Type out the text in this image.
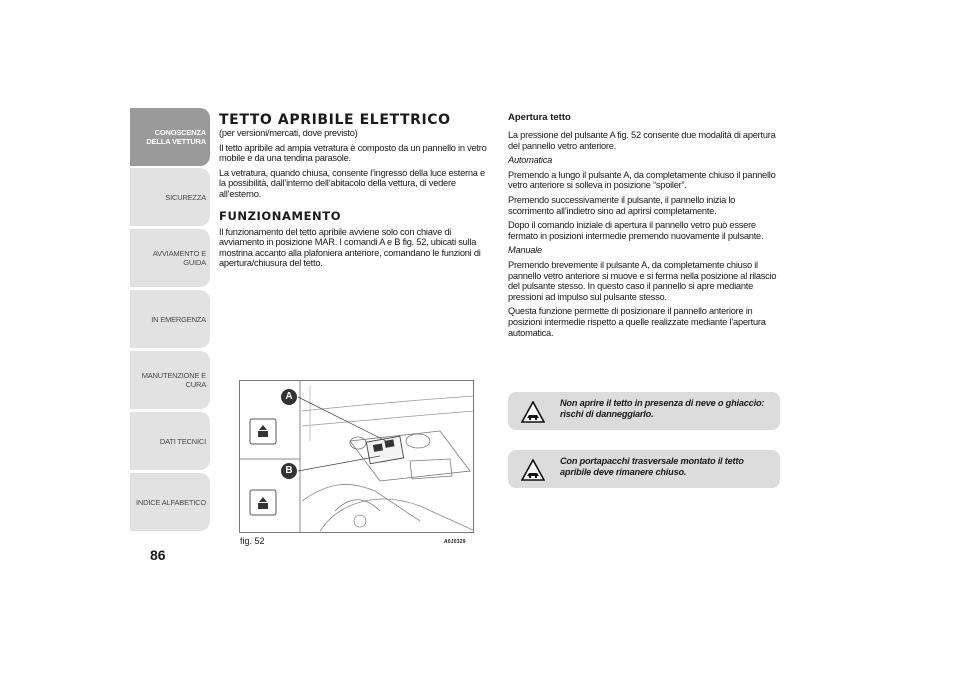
CONOSCENZA
DELLA VETTURA
SICUREZZA
AVVIAMENTO E
GUIDA
IN EMERGENZA
MANUTENZIONE E
CURA
DATI TECNICI
INDICE ALFABETICO
86
TETTO APRIBILE ELETTRICO

(per versioni/mercati, dove previsto)

Il tetto apribile ad ampia vetratura è composto da un pannello in vetro mobile e da una tendina parasole.

La vetratura, quando chiusa, consente l’ingresso della luce esterna e la possibilità, dall’interno dell’abitacolo della vettura, di vedere all’esterno.

FUNZIONAMENTO

Il funzionamento del tetto apribile avviene solo con chiave di avviamento in posizione MAR. I comandi A e B fig. 52, ubicati sulla mostrina accanto alla plafoniera anteriore, comandano le funzioni di apertura/chiusura del tetto.

A
B
fig. 52	A0J0329
Apertura tetto

La pressione del pulsante A fig. 52 consente due modalità di apertura del pannello vetro anteriore.

Automatica

Premendo a lungo il pulsante A, da completamente chiuso il pannello vetro anteriore si solleva in posizione “spoiler”.

Premendo successivamente il pulsante, il pannello inizia lo scorrimento all’indietro sino ad aprirsi completamente.

Dopo il comando iniziale di apertura il pannello vetro può essere fermato in posizioni intermedie premendo nuovamente il pulsante.

Manuale

Premendo brevemente il pulsante A, da completamente chiuso il pannello vetro anteriore si muove e si ferma nella posizione al rilascio del pulsante stesso. In questo caso il pannello si apre mediante pressioni ad impulso sul pulsante stesso.

Questa funzione permette di posizionare il pannello anteriore in posizioni intermedie rispetto a quelle realizzate mediante l’apertura automatica.

Non aprire il tetto in presenza di neve o ghiaccio: rischi di danneggiarlo.
Con portapacchi trasversale montato il tetto apribile deve rimanere chiuso.
